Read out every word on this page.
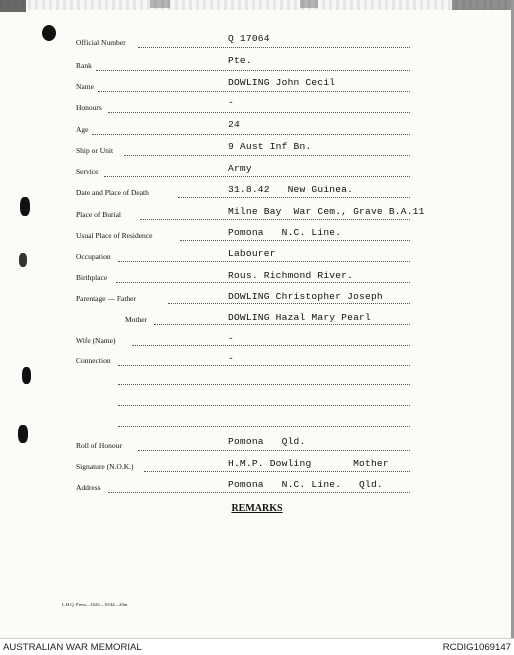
Official Number	Q 17064
Rank	Pte.
Name	DOWLING John Cecil
Honours	-
Age	24
Ship or Unit	9 Aust Inf Bn.
Service	Army
Date and Place of Death	31.8.42   New Guinea.
Place of Burial	Milne Bay  War Cem., Grave B.A.11
Usual Place of Residence	Pomona   N.C. Line.
Occupation	Labourer
Birthplace	Rous. Richmond River.
Parentage — Father	DOWLING Christopher Joseph
Mother	DOWLING Hazal Mary Pearl
Wife (Name)	-
Connection	-
Roll of Honour	Pomona   Qld.
Signature (N.O.K.)	H.M.P. Dowling       Mother
Address	Pomona   N.C. Line.   Qld.
REMARKS
L.H.Q. Press—1635—10/44—20m.
AUSTRALIAN WAR MEMORIAL	RCDIG1069147
